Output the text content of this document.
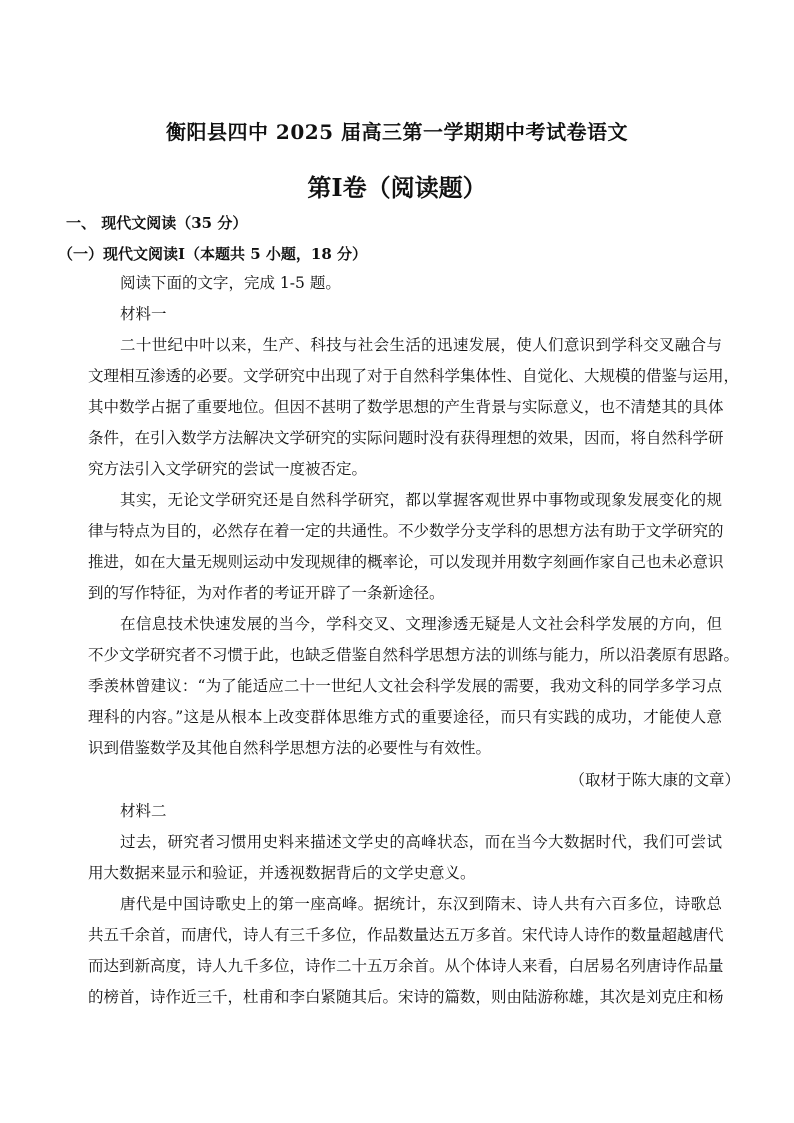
衡阳县四中 2025 届高三第一学期期中考试卷语文
第Ⅰ卷（阅读题）
一、 现代文阅读（35 分）
（一）现代文阅读Ⅰ（本题共 5 小题，18 分）
阅读下面的文字，完成 1-5 题。
材料一
二十世纪中叶以来，生产、科技与社会生活的迅速发展，使人们意识到学科交叉融合与
文理相互渗透的必要。文学研究中出现了对于自然科学集体性、自觉化、大规模的借鉴与运用，
其中数学占据了重要地位。但因不甚明了数学思想的产生背景与实际意义，也不清楚其的具体
条件，在引入数学方法解决文学研究的实际问题时没有获得理想的效果，因而，将自然科学研
究方法引入文学研究的尝试一度被否定。
其实，无论文学研究还是自然科学研究，都以掌握客观世界中事物或现象发展变化的规
律与特点为目的，必然存在着一定的共通性。不少数学分支学科的思想方法有助于文学研究的
推进，如在大量无规则运动中发现规律的概率论，可以发现并用数字刻画作家自己也未必意识
到的写作特征，为对作者的考证开辟了一条新途径。
在信息技术快速发展的当今，学科交叉、文理渗透无疑是人文社会科学发展的方向，但
不少文学研究者不习惯于此，也缺乏借鉴自然科学思想方法的训练与能力，所以沿袭原有思路。
季羡林曾建议：“为了能适应二十一世纪人文社会科学发展的需要，我劝文科的同学多学习点
理科的内容。”这是从根本上改变群体思维方式的重要途径，而只有实践的成功，才能使人意
识到借鉴数学及其他自然科学思想方法的必要性与有效性。
（取材于陈大康的文章）
材料二
过去，研究者习惯用史料来描述文学史的高峰状态，而在当今大数据时代，我们可尝试
用大数据来显示和验证，并透视数据背后的文学史意义。
唐代是中国诗歌史上的第一座高峰。据统计，东汉到隋末、诗人共有六百多位，诗歌总
共五千余首，而唐代，诗人有三千多位，作品数量达五万多首。宋代诗人诗作的数量超越唐代
而达到新高度，诗人九千多位，诗作二十五万余首。从个体诗人来看，白居易名列唐诗作品量
的榜首，诗作近三千，杜甫和李白紧随其后。宋诗的篇数，则由陆游称雄，其次是刘克庄和杨
